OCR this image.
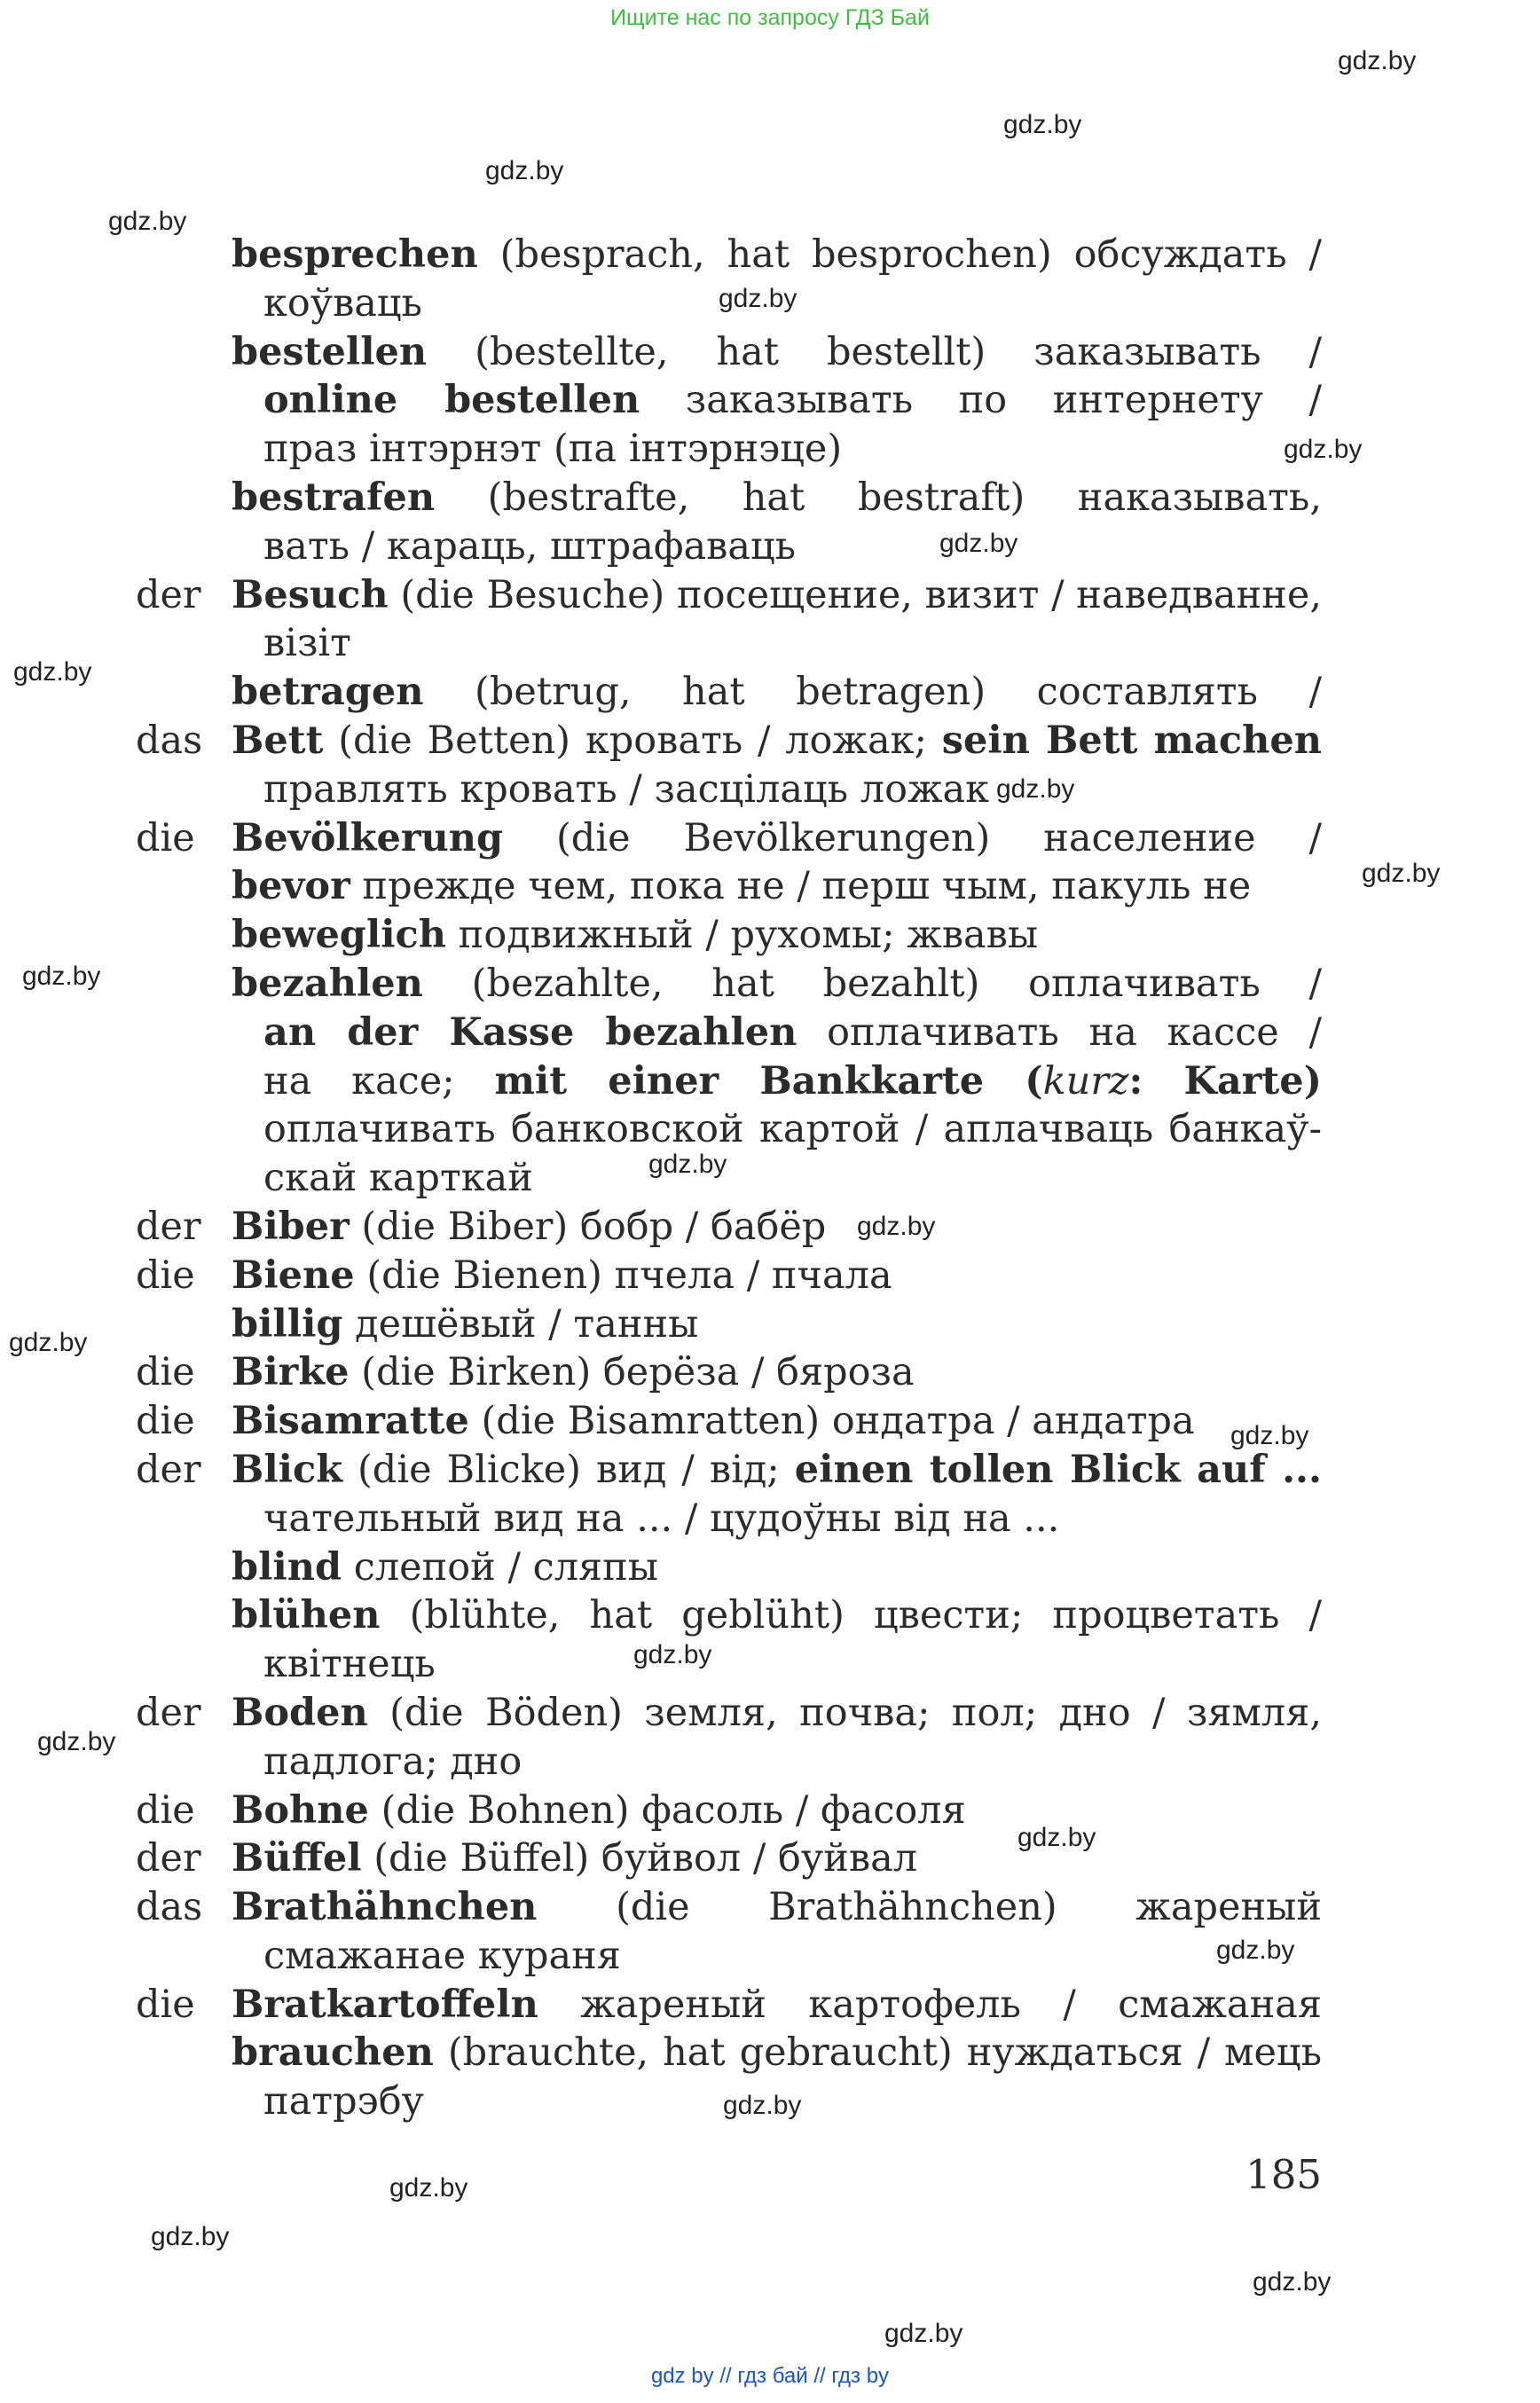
Ищите нас по запросу ГДЗ Бай
gdz.by
gdz.by
gdz.by
gdz.by
gdz.by
gdz.by
gdz.by
gdz.by
gdz.by
gdz.by
gdz.by
gdz.by
gdz.by
gdz.by
gdz.by
gdz.by
gdz.by
gdz.by
gdz.by
gdz.by
gdz.by
gdz.by
gdz.by
gdz.by
besprechen (besprach, hat besprochen) обсуждать /
коўваць
bestellen (bestellte, hat bestellt) заказывать /
online bestellen заказывать по интернету /
праз інтэрнэт (па інтэрнэце)
bestrafen (bestrafte, hat bestraft) наказывать,
вать / караць, штрафаваць
der Besuch (die Besuche) посещение, визит / наведванне,
візіт
betragen (betrug, hat betragen) составлять /
das Bett (die Betten) кровать / ложак; sein Bett machen
правлять кровать / засцілаць ложак
die Bevölkerung (die Bevölkerungen) население /
bevor прежде чем, пока не / перш чым, пакуль не
beweglich подвижный / рухомы; жвавы
bezahlen (bezahlte, hat bezahlt) оплачивать /
an der Kasse bezahlen оплачивать на кассе /
на касе; mit einer Bankkarte (kurz: Karte)
оплачивать банковской картой / аплачваць банкаў-
скай карткай
der Biber (die Biber) бобр / бабёр
die Biene (die Bienen) пчела / пчала
billig дешёвый / танны
die Birke (die Birken) берёза / бяроза
die Bisamratte (die Bisamratten) ондатра / андатра
der Blick (die Blicke) вид / від; einen tollen Blick auf ...
чательный вид на ... / цудоўны від на ...
blind слепой / сляпы
blühen (blühte, hat geblüht) цвести; процветать /
квітнець
der Boden (die Böden) земля, почва; пол; дно / зямля,
падлога; дно
die Bohne (die Bohnen) фасоль / фасоля
der Büffel (die Büffel) буйвол / буйвал
das Brathähnchen (die Brathähnchen) жареный
смажанае кураня
die Bratkartoffeln жареный картофель / смажаная
brauchen (brauchte, hat gebraucht) нуждаться / мець
патрэбу
185
gdz by // гдз бай // гдз by
